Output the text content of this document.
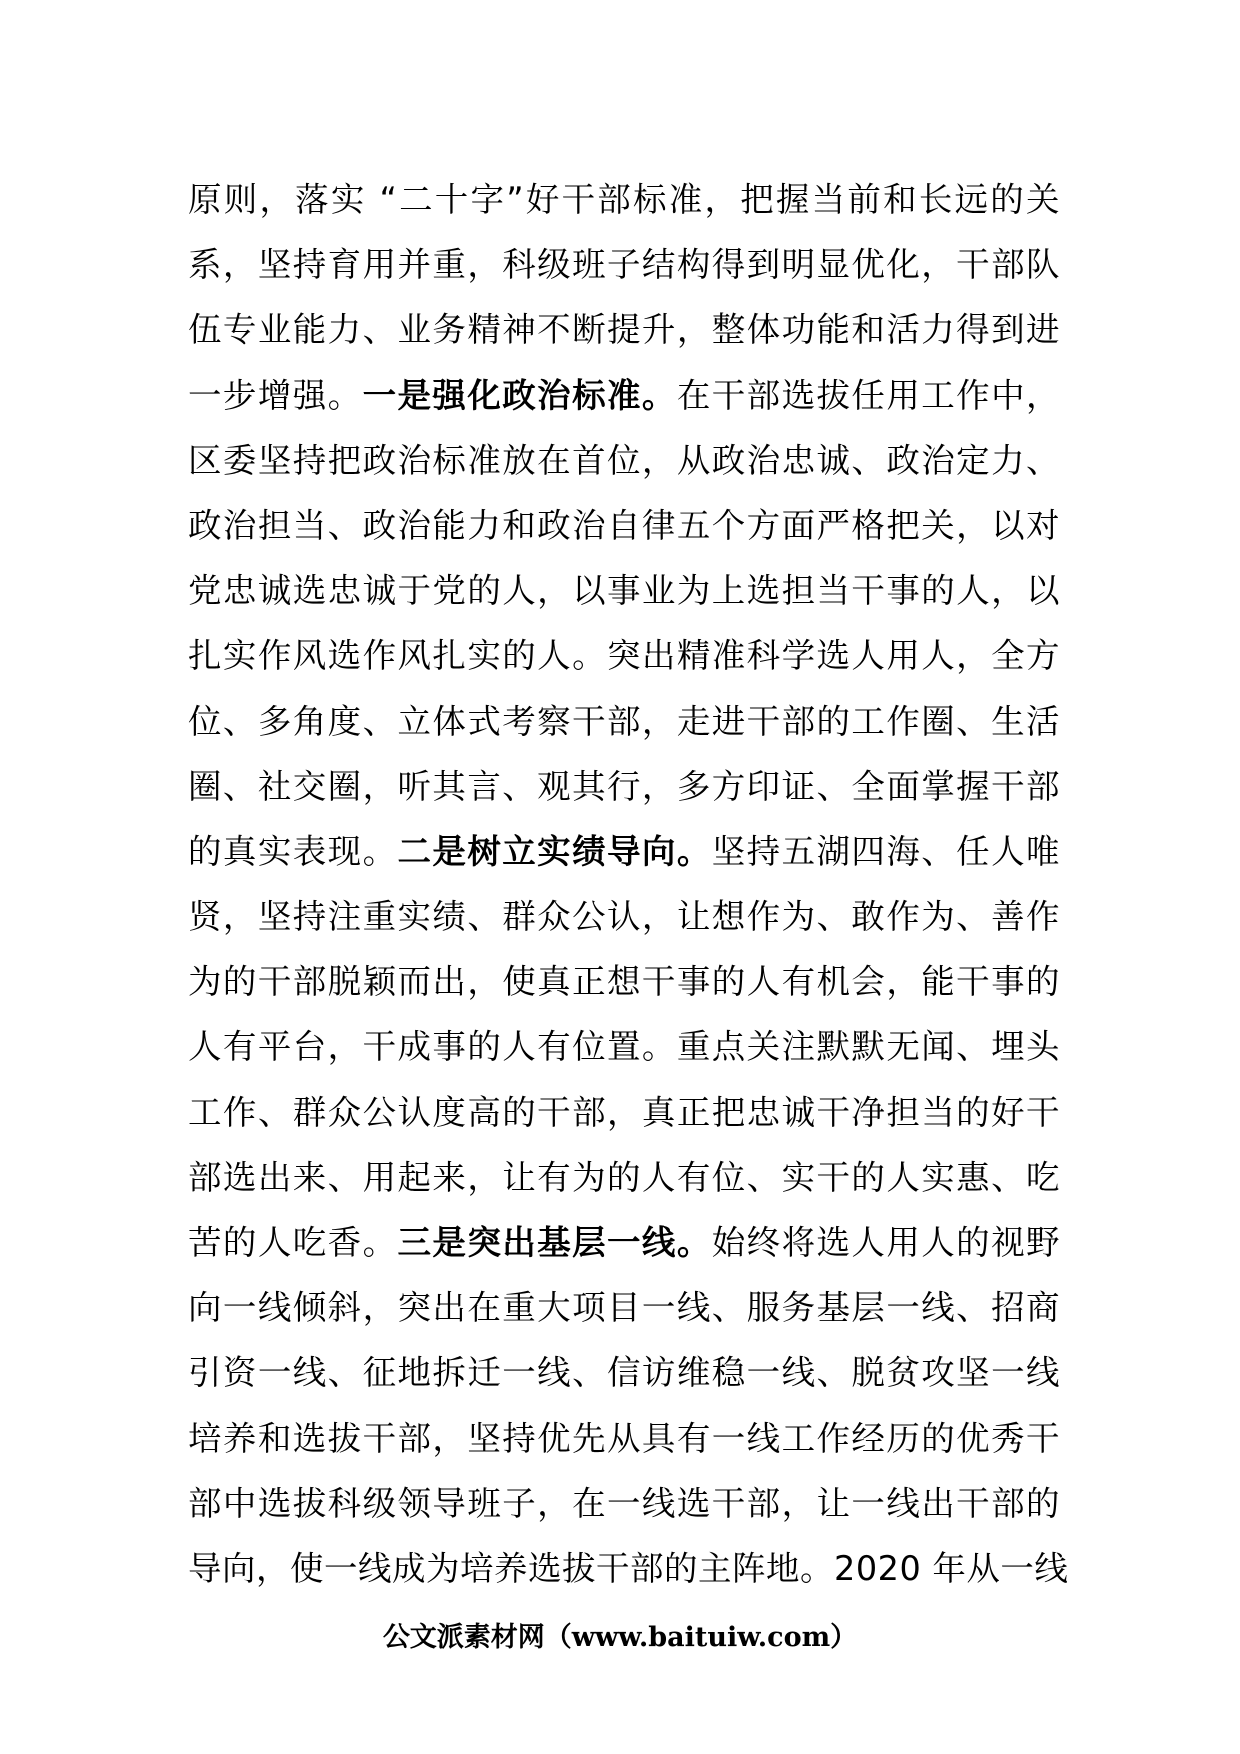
原则，落实 “二十字”好干部标准，把握当前和长远的关
系，坚持育用并重，科级班子结构得到明显优化，干部队
伍专业能力、业务精神不断提升，整体功能和活力得到进
一步增强。一是强化政治标准。在干部选拔任用工作中，
区委坚持把政治标准放在首位，从政治忠诚、政治定力、
政治担当、政治能力和政治自律五个方面严格把关，以对
党忠诚选忠诚于党的人，以事业为上选担当干事的人，以
扎实作风选作风扎实的人。突出精准科学选人用人，全方
位、多角度、立体式考察干部，走进干部的工作圈、生活
圈、社交圈，听其言、观其行，多方印证、全面掌握干部
的真实表现。二是树立实绩导向。坚持五湖四海、任人唯
贤，坚持注重实绩、群众公认，让想作为、敢作为、善作
为的干部脱颖而出，使真正想干事的人有机会，能干事的
人有平台，干成事的人有位置。重点关注默默无闻、埋头
工作、群众公认度高的干部，真正把忠诚干净担当的好干
部选出来、用起来，让有为的人有位、实干的人实惠、吃
苦的人吃香。三是突出基层一线。始终将选人用人的视野
向一线倾斜，突出在重大项目一线、服务基层一线、招商
引资一线、征地拆迁一线、信访维稳一线、脱贫攻坚一线
培养和选拔干部，坚持优先从具有一线工作经历的优秀干
部中选拔科级领导班子，在一线选干部，让一线出干部的
导向，使一线成为培养选拔干部的主阵地。2020 年从一线
公文派素材网（www.baituiw.com）
